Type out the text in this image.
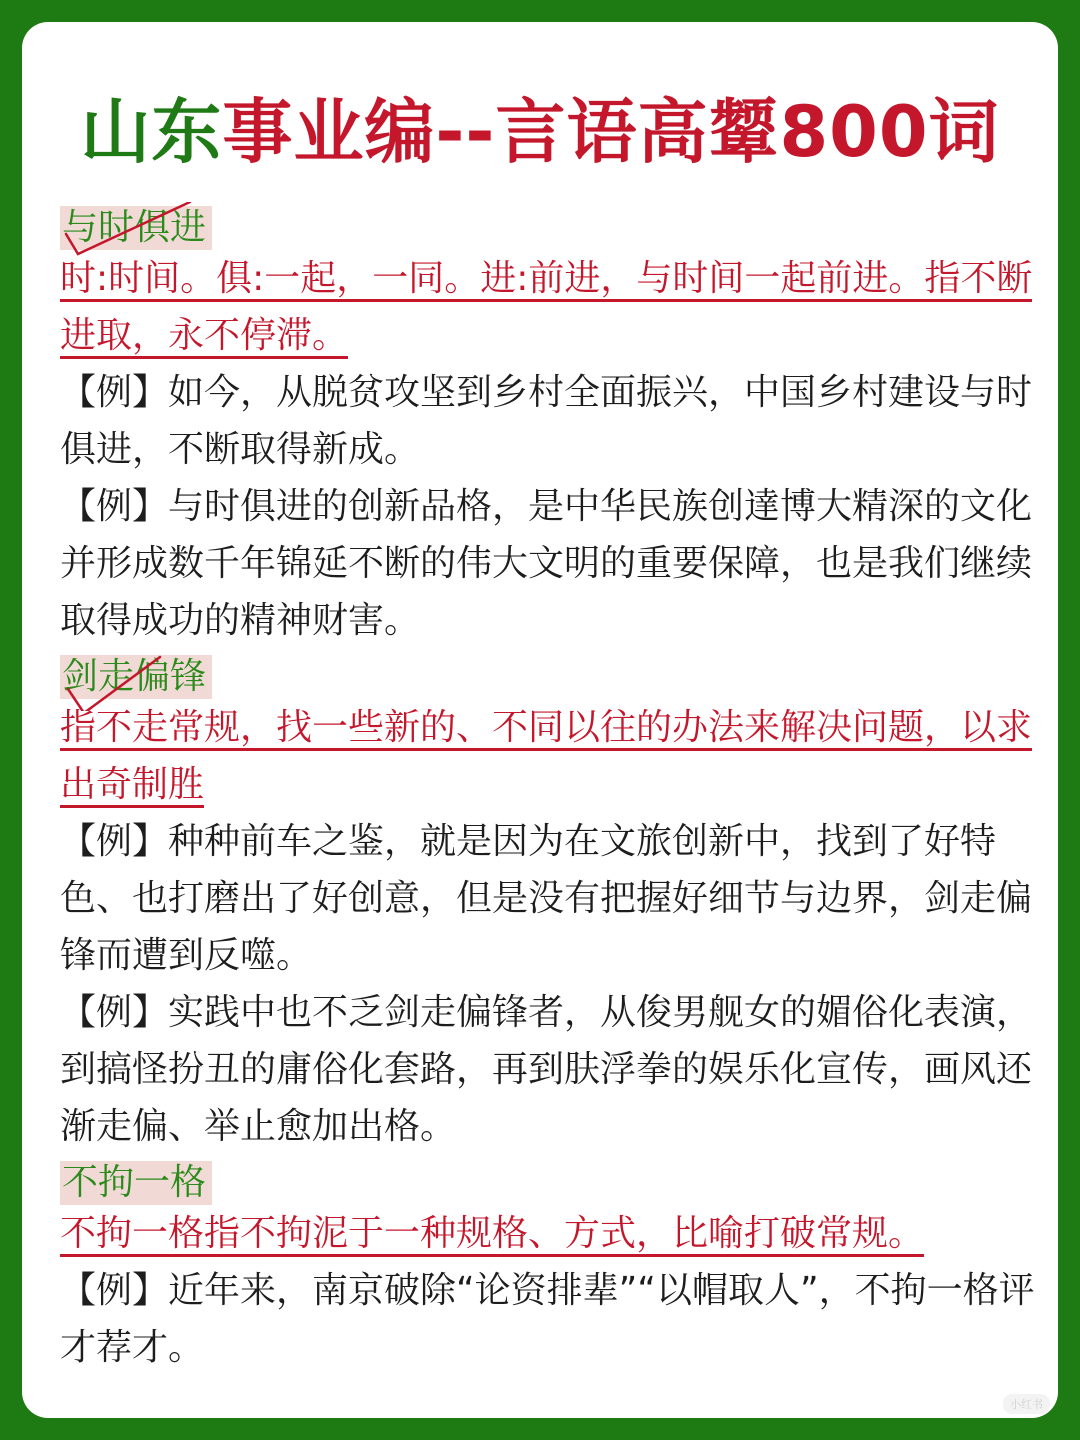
山东事业编--言语高颦800词
与时俱进

时:时间。俱:一起，一同。进:前进，与时间一起前进。指不断进取，永不停滞。

【例】如今，从脱贫攻坚到乡村全面振兴，中国乡村建设与时俱进，不断取得新成。

【例】与时俱进的创新品格，是中华民族创達博大精深的文化并形成数千年锦延不断的伟大文明的重要保障，也是我们继续取得成功的精神财害。

剑走偏锋

指不走常规，找一些新的、不同以往的办法来解决问题，以求出奇制胜

【例】种种前车之鉴，就是因为在文旅创新中，找到了好特色、也打磨出了好创意，但是没有把握好细节与边界，剑走偏锋而遭到反噬。

【例】实践中也不乏剑走偏锋者，从俊男舰女的媚俗化表演，到搞怪扮丑的庸俗化套路，再到肤浮拳的娱乐化宣传，画风还渐走偏、举止愈加出格。

不拘一格

不拘一格指不拘泥于一种规格、方式，比喻打破常规。

【例】近年来，南京破除“论资排辈”“以帽取人”，不拘一格评才荐才。

小红书
